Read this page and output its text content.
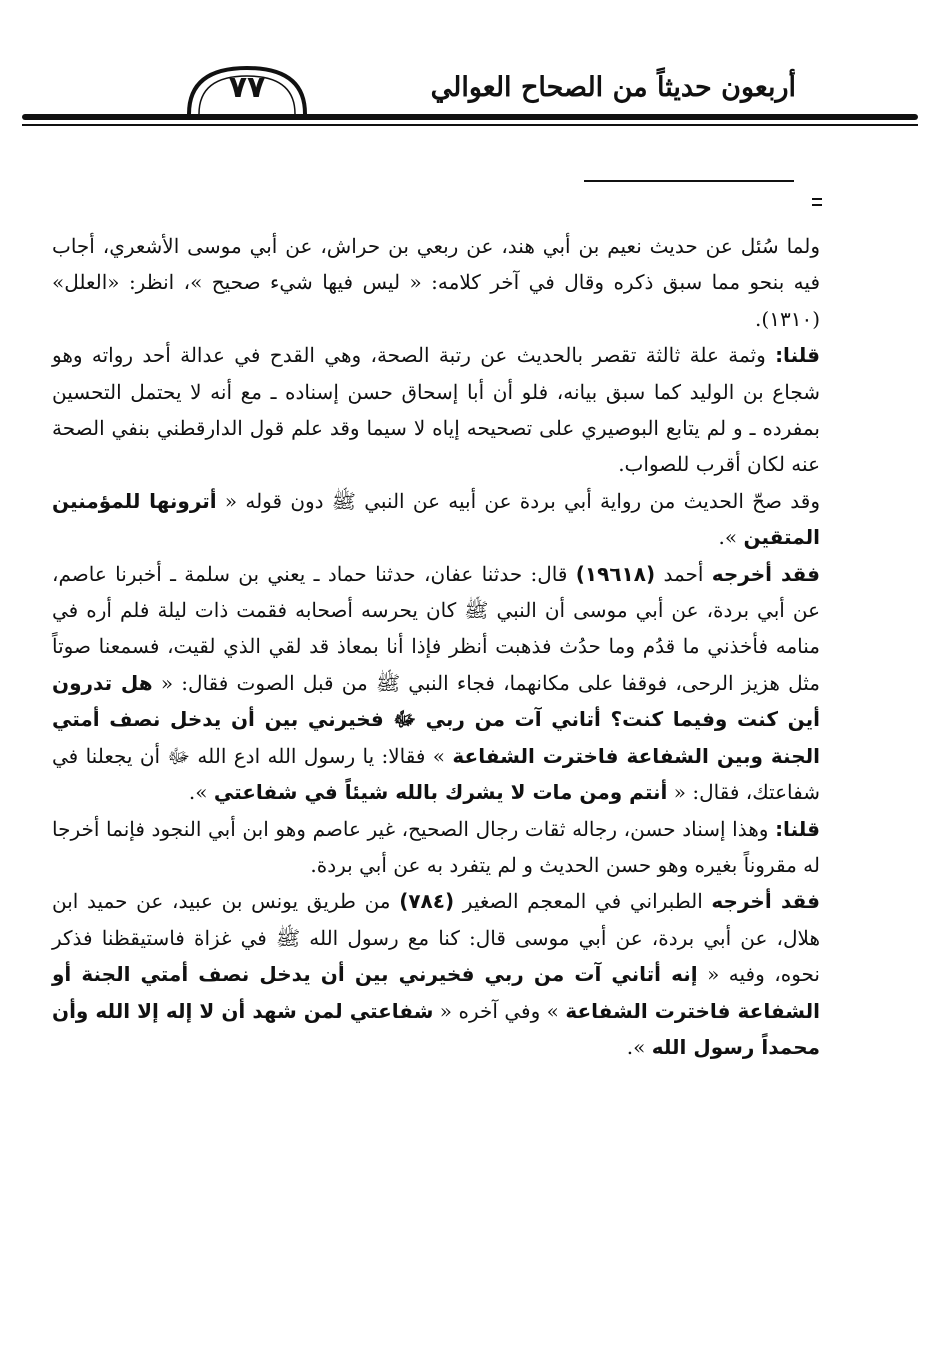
أربعون حديثاً من الصحاح العوالي
٧٧

ولما سُئل عن حديث نعيم بن أبي هند، عن ربعي بن حراش، عن أبي موسى الأشعري، أجاب فيه بنحو مما سبق ذكره وقال في آخر كلامه: « ليس فيها شيء صحيح »، انظر: «العلل» (١٣١٠).

قلنا: وثمة علة ثالثة تقصر بالحديث عن رتبة الصحة، وهي القدح في عدالة أحد رواته وهو شجاع بن الوليد كما سبق بيانه، فلو أن أبا إسحاق حسن إسناده ـ مع أنه لا يحتمل التحسين بمفرده ـ و لم يتابع البوصيري على تصحيحه إياه لا سيما وقد علم قول الدارقطني بنفي الصحة عنه لكان أقرب للصواب.

وقد صحّ الحديث من رواية أبي بردة عن أبيه عن النبي ﷺ دون قوله « أترونها للمؤمنين المتقين ».

فقد أخرجه أحمد (١٩٦١٨) قال: حدثنا عفان، حدثنا حماد ـ يعني بن سلمة ـ أخبرنا عاصم، عن أبي بردة، عن أبي موسى أن النبي ﷺ كان يحرسه أصحابه فقمت ذات ليلة فلم أره في منامه فأخذني ما قدُم وما حدُث فذهبت أنظر فإذا أنا بمعاذ قد لقي الذي لقيت، فسمعنا صوتاً مثل هزيز الرحى، فوقفا على مكانهما، فجاء النبي ﷺ من قبل الصوت فقال: « هل تدرون أين كنت وفيما كنت؟ أتاني آت من ربي ﷻ فخيرني بين أن يدخل نصف أمتي الجنة وبين الشفاعة فاخترت الشفاعة » فقالا: يا رسول الله ادع الله ﷻ أن يجعلنا في شفاعتك، فقال: « أنتم ومن مات لا يشرك بالله شيئاً في شفاعتي ».

قلنا: وهذا إسناد حسن، رجاله ثقات رجال الصحيح، غير عاصم وهو ابن أبي النجود فإنما أخرجا له مقروناً بغيره وهو حسن الحديث و لم يتفرد به عن أبي بردة.

فقد أخرجه الطبراني في المعجم الصغير (٧٨٤) من طريق يونس بن عبيد، عن حميد ابن هلال، عن أبي بردة، عن أبي موسى قال: كنا مع رسول الله ﷺ في غزاة فاستيقظنا فذكر نحوه، وفيه « إنه أتاني آت من ربي فخيرني بين أن يدخل نصف أمتي الجنة أو الشفاعة فاخترت الشفاعة » وفي آخره « شفاعتي لمن شهد أن لا إله إلا الله وأن محمداً رسول الله ».
